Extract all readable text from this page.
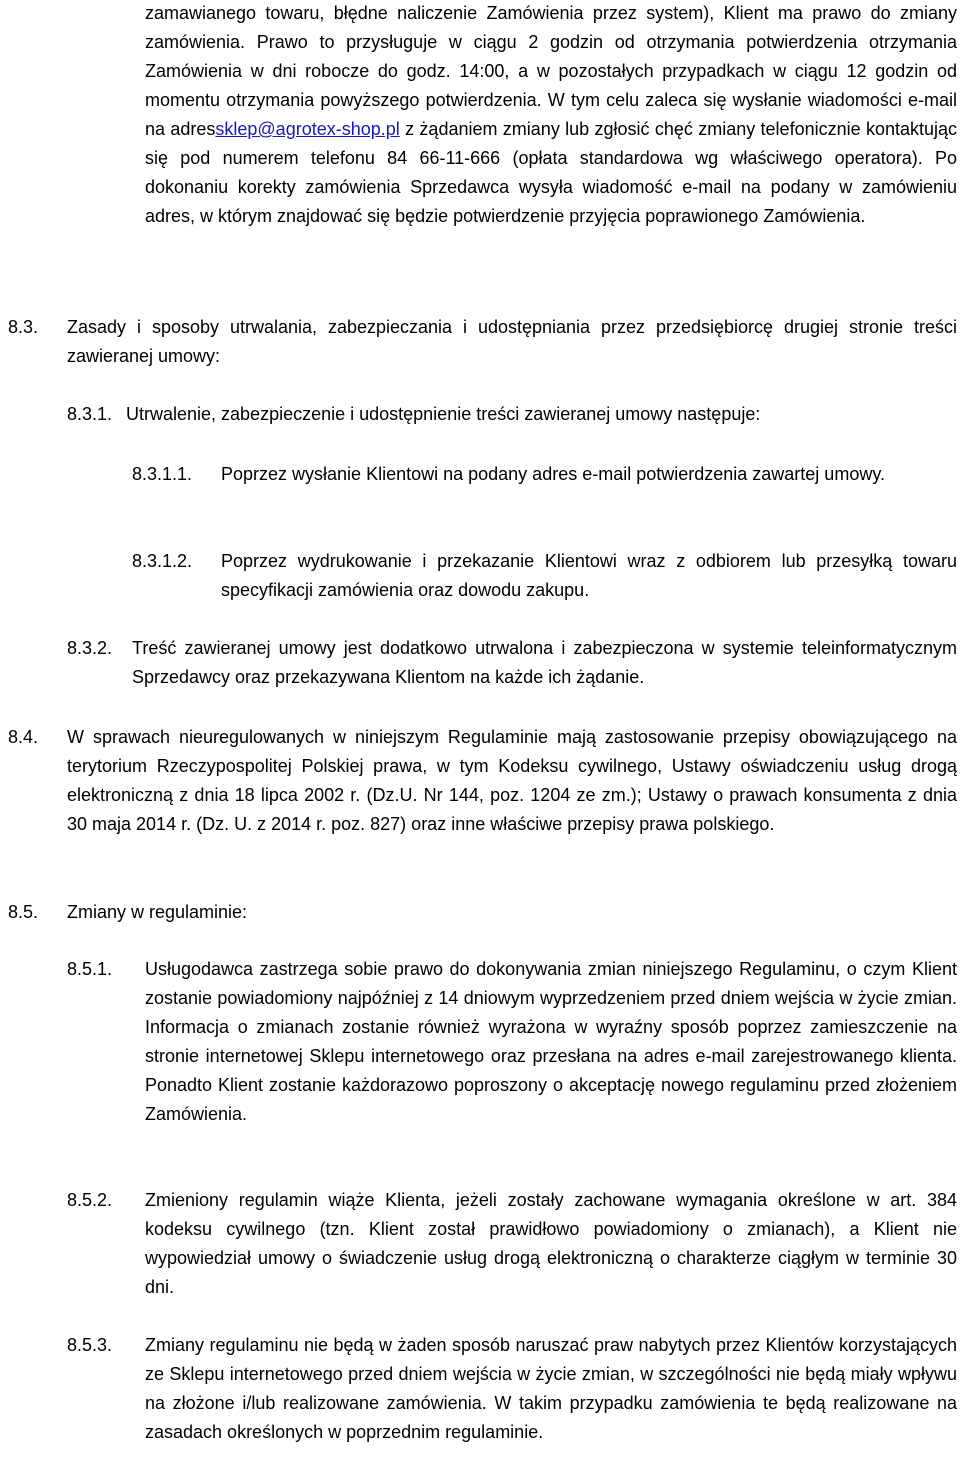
zamawianego towaru, błędne naliczenie Zamówienia przez system), Klient ma prawo do zmiany zamówienia. Prawo to przysługuje w ciągu 2 godzin od otrzymania potwierdzenia otrzymania Zamówienia w dni robocze do godz. 14:00, a w pozostałych przypadkach w ciągu 12 godzin od momentu otrzymania powyższego potwierdzenia. W tym celu zaleca się wysłanie wiadomości e-mail na adressklep@agrotex-shop.pl z żądaniem zmiany lub zgłosić chęć zmiany telefonicznie kontaktując się pod numerem telefonu 84 66-11-666 (opłata standardowa wg właściwego operatora). Po dokonaniu korekty zamówienia Sprzedawca wysyła wiadomość e-mail na podany w zamówieniu adres, w którym znajdować się będzie potwierdzenie przyjęcia poprawionego Zamówienia.
8.3. Zasady i sposoby utrwalania, zabezpieczania i udostępniania przez przedsiębiorcę drugiej stronie treści zawieranej umowy:
8.3.1. Utrwalenie, zabezpieczenie i udostępnienie treści zawieranej umowy następuje:
8.3.1.1. Poprzez wysłanie Klientowi na podany adres e-mail potwierdzenia zawartej umowy.
8.3.1.2. Poprzez wydrukowanie i przekazanie Klientowi wraz z odbiorem lub przesyłką towaru specyfikacji zamówienia oraz dowodu zakupu.
8.3.2. Treść zawieranej umowy jest dodatkowo utrwalona i zabezpieczona w systemie teleinformatycznym Sprzedawcy oraz przekazywana Klientom na każde ich żądanie.
8.4. W sprawach nieuregulowanych w niniejszym Regulaminie mają zastosowanie przepisy obowiązującego na terytorium Rzeczypospolitej Polskiej prawa, w tym Kodeksu cywilnego, Ustawy oświadczeniu usług drogą elektroniczną z dnia 18 lipca 2002 r. (Dz.U. Nr 144, poz. 1204 ze zm.); Ustawy o prawach konsumenta z dnia 30 maja 2014 r. (Dz. U. z 2014 r. poz. 827) oraz inne właściwe przepisy prawa polskiego.
8.5. Zmiany w regulaminie:
8.5.1. Usługodawca zastrzega sobie prawo do dokonywania zmian niniejszego Regulaminu, o czym Klient zostanie powiadomiony najpóźniej z 14 dniowym wyprzedzeniem przed dniem wejścia w życie zmian. Informacja o zmianach zostanie również wyrażona w wyraźny sposób poprzez zamieszczenie na stronie internetowej Sklepu internetowego oraz przesłana na adres e-mail zarejestrowanego klienta. Ponadto Klient zostanie każdorazowo poproszony o akceptację nowego regulaminu przed złożeniem Zamówienia.
8.5.2. Zmieniony regulamin wiąże Klienta, jeżeli zostały zachowane wymagania określone w art. 384 kodeksu cywilnego (tzn. Klient został prawidłowo powiadomiony o zmianach), a Klient nie wypowiedział umowy o świadczenie usług drogą elektroniczną o charakterze ciągłym w terminie 30 dni.
8.5.3. Zmiany regulaminu nie będą w żaden sposób naruszać praw nabytych przez Klientów korzystających ze Sklepu internetowego przed dniem wejścia w życie zmian, w szczególności nie będą miały wpływu na złożone i/lub realizowane zamówienia. W takim przypadku zamówienia te będą realizowane na zasadach określonych w poprzednim regulaminie.
